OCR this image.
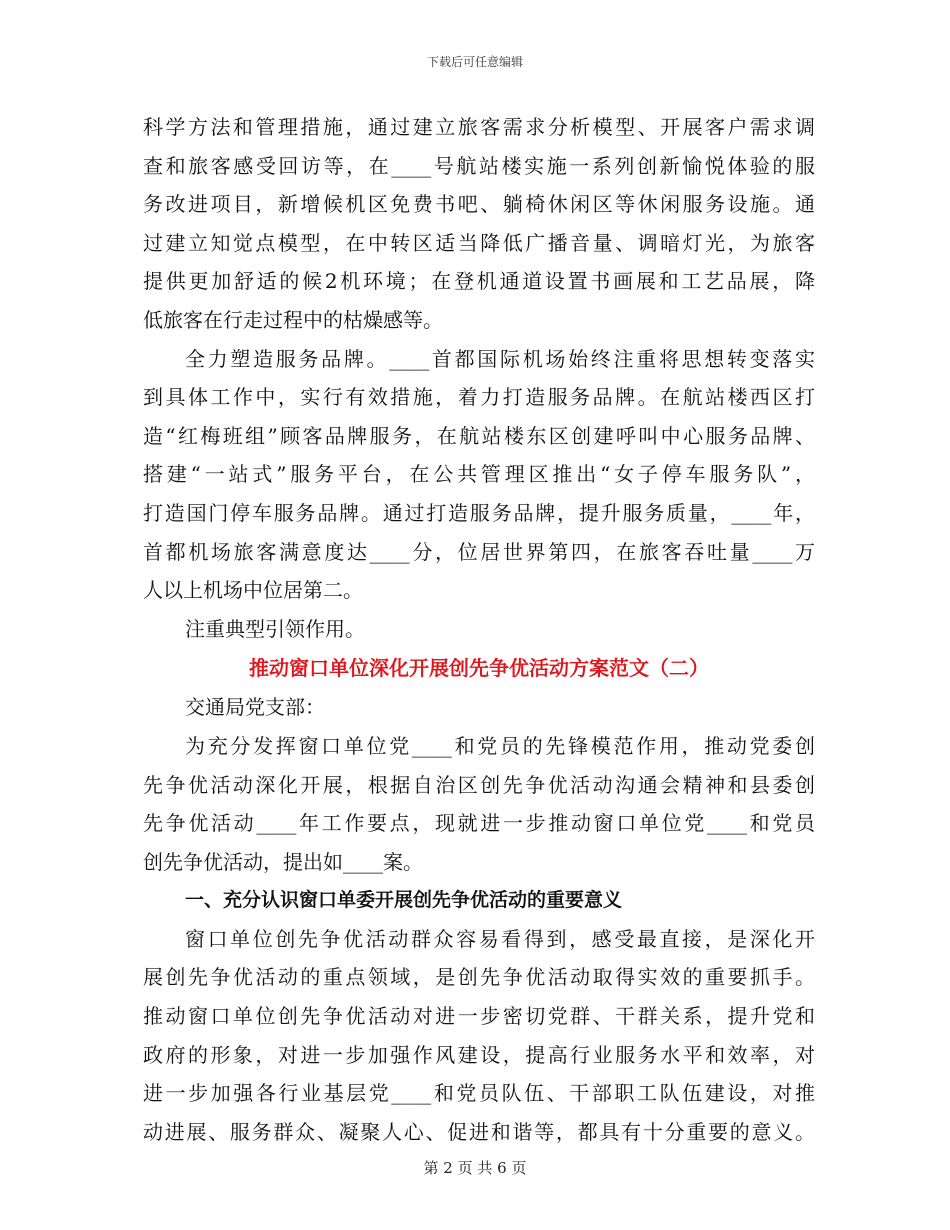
下载后可任意编辑
科学方法和管理措施，通过建立旅客需求分析模型、开展客户需求调
查和旅客感受回访等，在____号航站楼实施一系列创新愉悦体验的服
务改进项目，新增候机区免费书吧、躺椅休闲区等休闲服务设施。通
过建立知觉点模型，在中转区适当降低广播音量、调暗灯光，为旅客
提供更加舒适的候2机环境；在登机通道设置书画展和工艺品展，降
低旅客在行走过程中的枯燥感等。
全力塑造服务品牌。____首都国际机场始终注重将思想转变落实
到具体工作中，实行有效措施，着力打造服务品牌。在航站楼西区打
造“红梅班组”顾客品牌服务，在航站楼东区创建呼叫中心服务品牌、
搭建“一站式”服务平台，在公共管理区推出“女子停车服务队”，
打造国门停车服务品牌。通过打造服务品牌，提升服务质量，____年，
首都机场旅客满意度达____分，位居世界第四，在旅客吞吐量____万
人以上机场中位居第二。
注重典型引领作用。
推动窗口单位深化开展创先争优活动方案范文（二）
交通局党支部：
为充分发挥窗口单位党____和党员的先锋模范作用，推动党委创
先争优活动深化开展，根据自治区创先争优活动沟通会精神和县委创
先争优活动____年工作要点，现就进一步推动窗口单位党____和党员
创先争优活动，提出如____案。
一、充分认识窗口单委开展创先争优活动的重要意义
窗口单位创先争优活动群众容易看得到，感受最直接，是深化开
展创先争优活动的重点领域，是创先争优活动取得实效的重要抓手。
推动窗口单位创先争优活动对进一步密切党群、干群关系，提升党和
政府的形象，对进一步加强作风建设，提高行业服务水平和效率，对
进一步加强各行业基层党____和党员队伍、干部职工队伍建设，对推
动进展、服务群众、凝聚人心、促进和谐等，都具有十分重要的意义。
第 2 页 共 6 页
